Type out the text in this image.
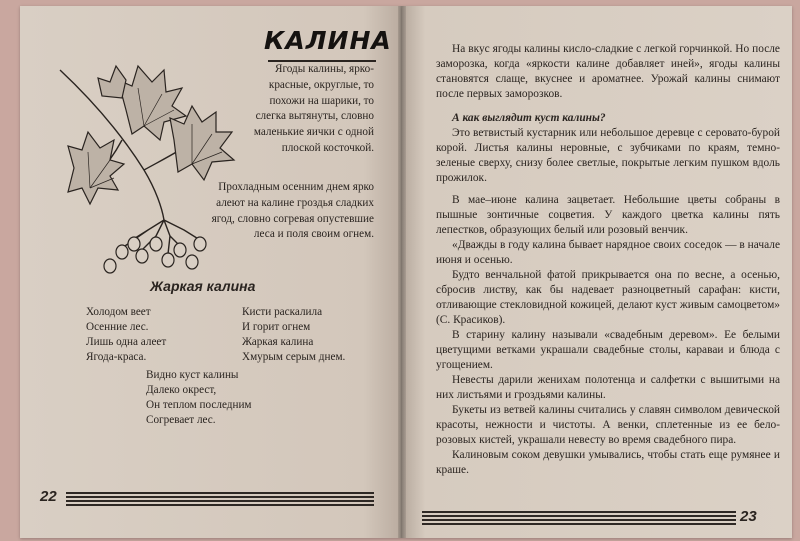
КАЛИНА

Ягоды калины, ярко-красные, округлые, то похожи на шарики, то слегка вытянуты, словно маленькие яички с одной плоской косточкой.

Прохладным осенним днем ярко алеют на калине гроздья сладких ягод, словно согревая опустевшие леса и поля своим огнем.

Жаркая калина
Холодом веет
Осенние лес.
Лишь одна алеет
Ягода-краса.
Кисти раскалила
И горит огнем
Жаркая калина
Хмурым серым днем.
Видно куст калины
Далеко окрест,
Он теплом последним
Согревает лес.
22

На вкус ягоды калины кисло-сладкие с легкой горчинкой. Но после заморозка, когда «яркости калине добавляет иней», ягоды калины становятся слаще, вкуснее и ароматнее. Урожай калины снимают после первых заморозков.

А как выглядит куст калины?

Это ветвистый кустарник или небольшое деревце с серовато-бурой корой. Листья калины неровные, с зубчиками по краям, темно-зеленые сверху, снизу более светлые, покрытые легким пушком вдоль прожилок.

В мае–июне калина зацветает. Небольшие цветы собраны в пышные зонтичные соцветия. У каждого цветка калины пять лепестков, образующих белый или розовый венчик.

«Дважды в году калина бывает нарядное своих соседок — в начале июня и осенью.

Будто венчальной фатой прикрывается она по весне, а осенью, сбросив листву, как бы надевает разноцветный сарафан: кисти, отливающие стекловидной кожицей, делают куст живым самоцветом» (С. Красиков).

В старину калину называли «свадебным деревом». Ее белыми цветущими ветками украшали свадебные столы, караваи и блюда с угощением.

Невесты дарили женихам полотенца и салфетки с вышитыми на них листьями и гроздьями калины.

Букеты из ветвей калины считались у славян символом девической красоты, нежности и чистоты. А венки, сплетенные из ее бело-розовых кистей, украшали невесту во время свадебного пира.

Калиновым соком девушки умывались, чтобы стать еще румянее и краше.

23
